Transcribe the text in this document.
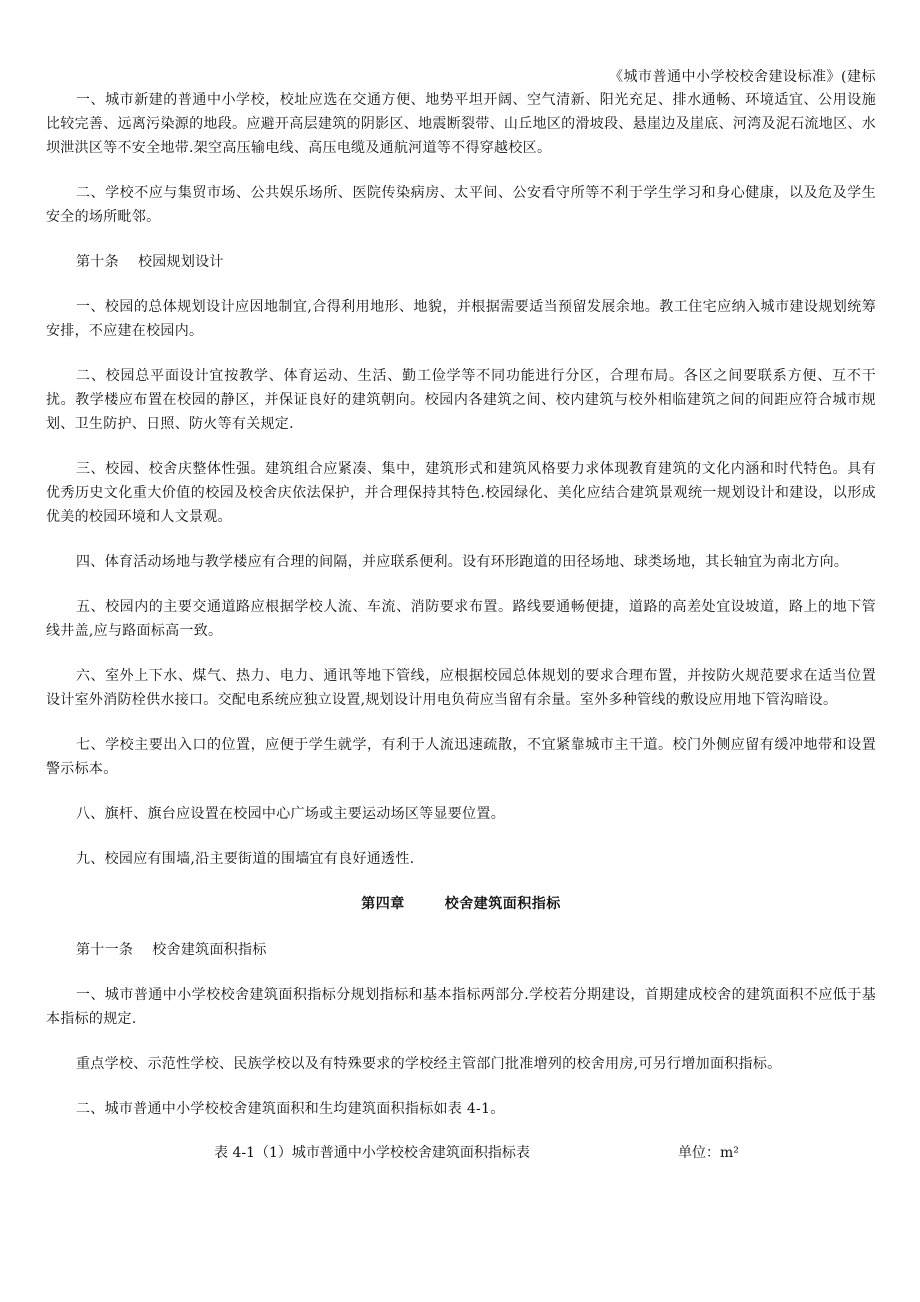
《城市普通中小学校校舍建设标准》(建标

一、城市新建的普通中小学校，校址应选在交通方便、地势平坦开阔、空气清新、阳光充足、排水通畅、环境适宜、公用设施比较完善、远离污染源的地段。应避开高层建筑的阴影区、地震断裂带、山丘地区的滑坡段、悬崖边及崖底、河湾及泥石流地区、水坝泄洪区等不安全地带.架空高压输电线、高压电缆及通航河道等不得穿越校区。

二、学校不应与集贸市场、公共娱乐场所、医院传染病房、太平间、公安看守所等不利于学生学习和身心健康，以及危及学生安全的场所毗邻。

第十条　 校园规划设计

一、校园的总体规划设计应因地制宜,合得利用地形、地貌，并根据需要适当预留发展余地。教工住宅应纳入城市建设规划统筹安排，不应建在校园内。

二、校园总平面设计宜按教学、体育运动、生活、勤工俭学等不同功能进行分区，合理布局。各区之间要联系方便、互不干扰。教学楼应布置在校园的静区，并保证良好的建筑朝向。校园内各建筑之间、校内建筑与校外相临建筑之间的间距应符合城市规划、卫生防护、日照、防火等有关规定.

三、校园、校舍庆整体性强。建筑组合应紧凑、集中，建筑形式和建筑风格要力求体现教育建筑的文化内涵和时代特色。具有优秀历史文化重大价值的校园及校舍庆依法保护，并合理保持其特色.校园绿化、美化应结合建筑景观统一规划设计和建设，以形成优美的校园环境和人文景观。

四、体育活动场地与教学楼应有合理的间隔，并应联系便利。设有环形跑道的田径场地、球类场地，其长轴宜为南北方向。

五、校园内的主要交通道路应根据学校人流、车流、消防要求布置。路线要通畅便捷，道路的高差处宜设坡道，路上的地下管线井盖,应与路面标高一致。

六、室外上下水、煤气、热力、电力、通讯等地下管线，应根据校园总体规划的要求合理布置，并按防火规范要求在适当位置设计室外消防栓供水接口。交配电系统应独立设置,规划设计用电负荷应当留有余量。室外多种管线的敷设应用地下管沟暗设。

七、学校主要出入口的位置，应便于学生就学，有利于人流迅速疏散，不宜紧靠城市主干道。校门外侧应留有缓冲地带和设置警示标本。

八、旗杆、旗台应设置在校园中心广场或主要运动场区等显要位置。

九、校园应有围墙,沿主要街道的围墙宜有良好通透性.

第四章	校舍建筑面积指标

第十一条　 校舍建筑面积指标

一、城市普通中小学校校舍建筑面积指标分规划指标和基本指标两部分.学校若分期建设，首期建成校舍的建筑面积不应低于基本指标的规定.

重点学校、示范性学校、民族学校以及有特殊要求的学校经主管部门批准增列的校舍用房,可另行增加面积指标。

二、城市普通中小学校校舍建筑面积和生均建筑面积指标如表 4-1。

表 4-1（1）城市普通中小学校校舍建筑面积指标表	单位：m²
